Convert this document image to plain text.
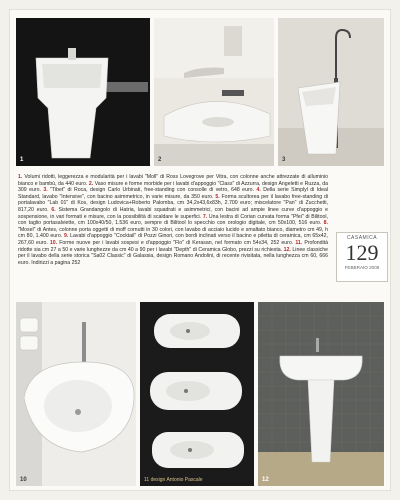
1	2	3
1. Volumi ridotti, leggerezza e modularità per i lavabi "Moll" di Ross Lovegrove per Vitra, con colonne anche attrezzate di alluminio bianco e bambù, da 440 euro. 2. Vaso misure e forme morbide per i lavabi d'appoggio "Class" di Azzurra, design Angeletti e Ruzza, da 309 euro. 3. "Tibet" di Roca, design Carlo Urbinati, free-standing con consolle di vetro, 648 euro. 4. Della serie Simplyl di Ideal Standard, lavabo "Intensive", con bacino asimmetrico, in varie misure, da 350 euro. 5. Forma scultorea per il lavabo free-standing di portalavabo "Lab 01" di Kos, design Ludovica+Roberto Palomba, cm 34,2x43,6x83h, 2.700 euro; miscelatore "Pan" di Zucchetti, 817,20 euro. 6. Sistema Grandangolo di Hatria, lavabi squadrati e asimmetrici, con bacini ad ampie linee curve d'appoggio e sospensione, in vari formati e misure, con la possibilità di scaldare le superfici. 7. Una lestra di Corian curvata forma "Pfei" di Bilitool, con taglio portasalviette, cm 100x40/50, 1.536 euro, sempre di Bilitool lo specchio con orologio digitale, cm 50x100, 516 euro. 8. "Mosel" di Antes, colonne porta oggetti di moff cornutti in 30 colori, con lavabo di acciaio lucido e smaltato bianco, diametro cm 49, h cm 80, 1.400 euro. 9. Lavabi d'appoggio "Cocktail" di Pozzi Ginori, con bordi inclinati verso il bacino e piletta di ceramica, cm 65x42, 267,60 euro. 10. Forme nuove per i lavabi sospesi e d'appoggio "Flo" di Kerasan, nel formato cm 54x34, 252 euro. 11. Profondità ridotte sia cm 27 a 50 e varie lunghezze da cm 40 a 90 per i lavabi "Depth" di Ceramica Globo, prezzi su richiesta. 12. Linee classiche per il lavabo della serie storica "Sa02 Classic" di Galassia, design Romano Andolini, di recente rivisitata, nella lunghezza cm 60, 666 euro. Indirizzi a pagina 252
CASAMICA
129
FEBBRAIO 2009
10	11 design Antonio Pascale	12
